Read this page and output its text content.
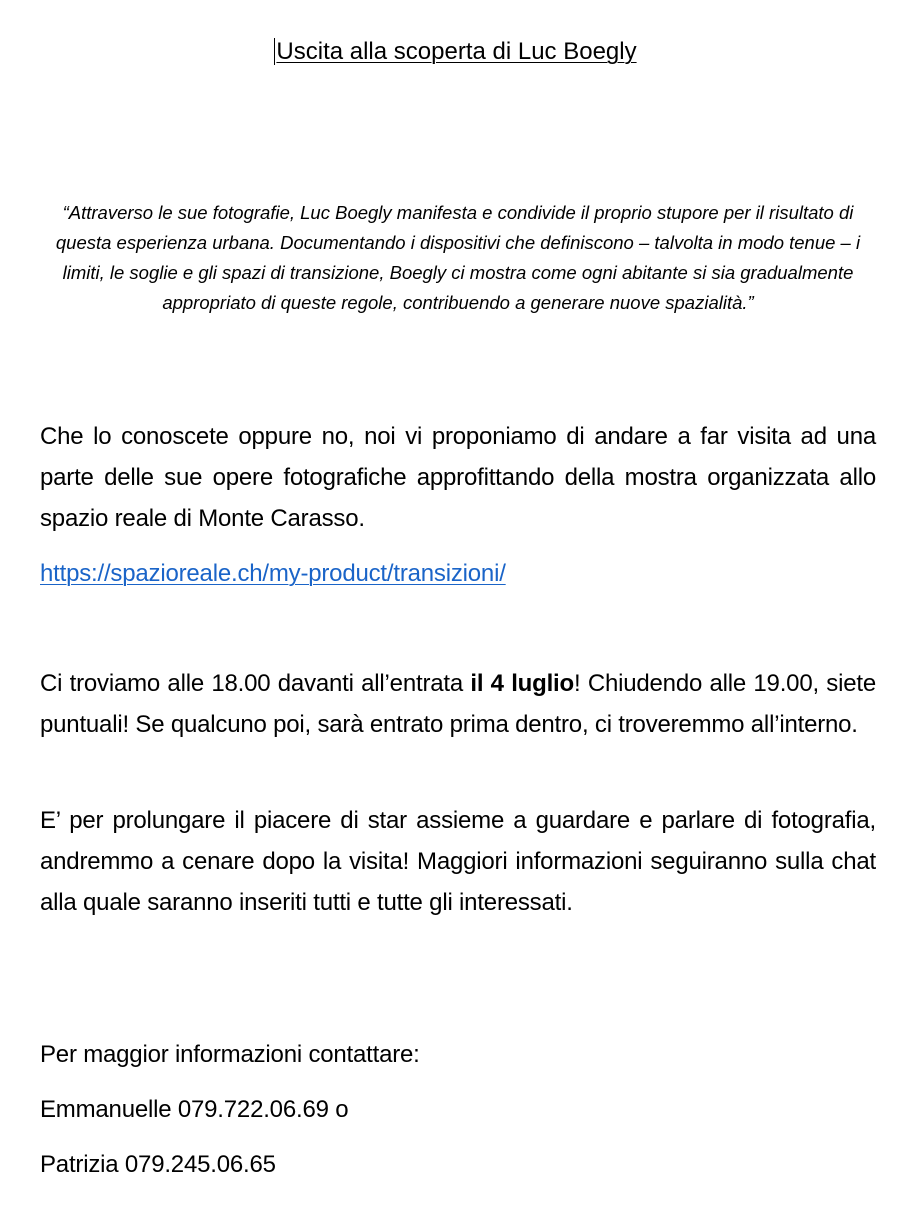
Uscita alla scoperta di Luc Boegly

“Attraverso le sue fotografie, Luc Boegly manifesta e condivide il proprio stupore per il risultato di questa esperienza urbana. Documentando i dispositivi che definiscono – talvolta in modo tenue – i limiti, le soglie e gli spazi di transizione, Boegly ci mostra come ogni abitante si sia gradualmente appropriato di queste regole, contribuendo a generare nuove spazialità.”

Che lo conoscete oppure no, noi vi proponiamo di andare a far visita ad una parte delle sue opere fotografiche approfittando della mostra organizzata allo spazio reale di Monte Carasso.

https://spazioreale.ch/my-product/transizioni/

Ci troviamo alle 18.00 davanti all’entrata il 4 luglio! Chiudendo alle 19.00, siete puntuali! Se qualcuno poi, sarà entrato prima dentro, ci troveremmo all’interno.

E’ per prolungare il piacere di star assieme a guardare e parlare di fotografia, andremmo a cenare dopo la visita! Maggiori informazioni seguiranno sulla chat alla quale saranno inseriti tutti e tutte gli interessati.

Per maggior informazioni contattare:

Emmanuelle 079.722.06.69 o

Patrizia 079.245.06.65
